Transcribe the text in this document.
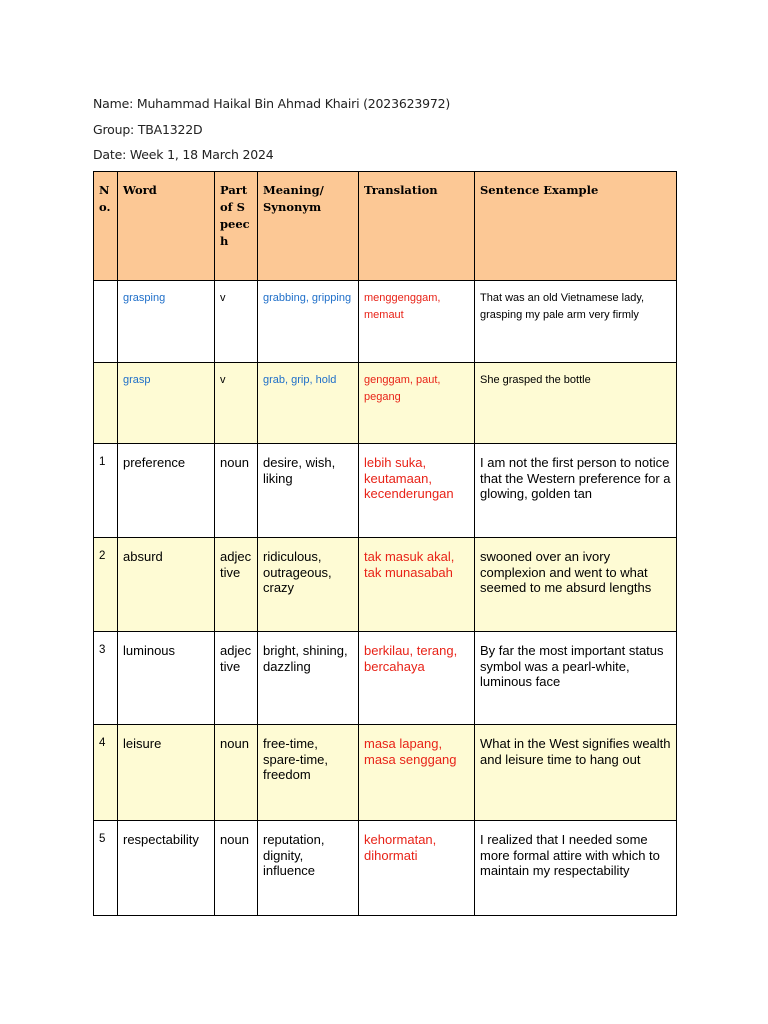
Name: Muhammad Haikal Bin Ahmad Khairi (2023623972)
Group: TBA1322D
Date: Week 1, 18 March 2024
No.	Word	Part of Speech	Meaning/ Synonym	Translation	Sentence Example
	grasping	v	grabbing, gripping	menggenggam, memaut	That was an old Vietnamese lady, grasping my pale arm very firmly
	grasp	v	grab, grip, hold	genggam, paut, pegang	She grasped the bottle
1	preference	noun	desire, wish, liking	lebih suka, keutamaan, kecenderungan	I am not the first person to notice that the Western preference for a glowing, golden tan
2	absurd	adjective	ridiculous, outrageous, crazy	tak masuk akal, tak munasabah	swooned over an ivory complexion and went to what seemed to me absurd lengths
3	luminous	adjective	bright, shining, dazzling	berkilau, terang, bercahaya	By far the most important status symbol was a pearl-white, luminous face
4	leisure	noun	free-time, spare-time, freedom	masa lapang, masa senggang	What in the West signifies wealth and leisure time to hang out
5	respectability	noun	reputation, dignity, influence	kehormatan, dihormati	I realized that I needed some more formal attire with which to maintain my respectability
